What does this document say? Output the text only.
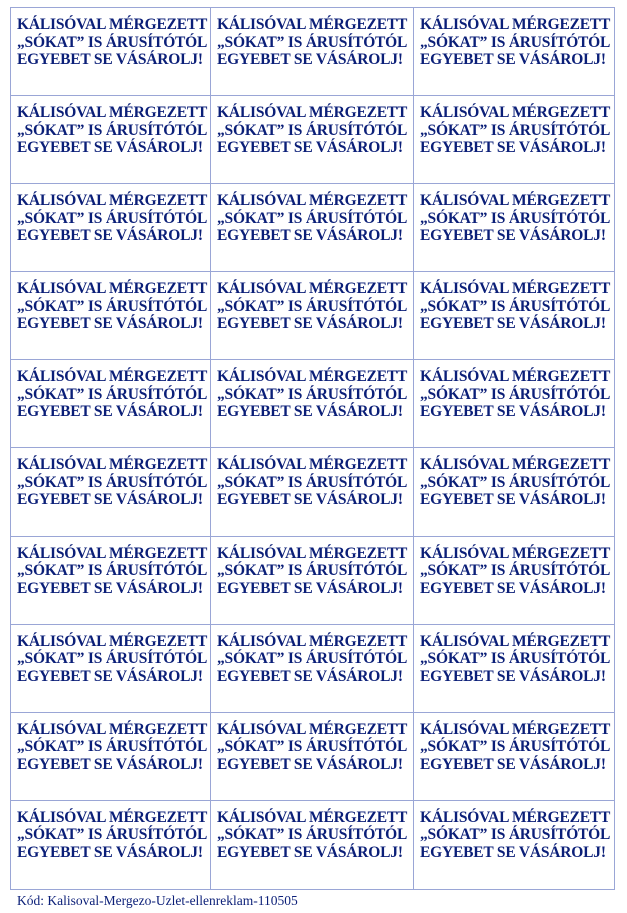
KÁLISÓVAL MÉRGEZETT
„SÓKAT” IS ÁRUSÍTÓTÓL
EGYEBET SE VÁSÁROLJ!
KÁLISÓVAL MÉRGEZETT
„SÓKAT” IS ÁRUSÍTÓTÓL
EGYEBET SE VÁSÁROLJ!
KÁLISÓVAL MÉRGEZETT
„SÓKAT” IS ÁRUSÍTÓTÓL
EGYEBET SE VÁSÁROLJ!
KÁLISÓVAL MÉRGEZETT
„SÓKAT” IS ÁRUSÍTÓTÓL
EGYEBET SE VÁSÁROLJ!
KÁLISÓVAL MÉRGEZETT
„SÓKAT” IS ÁRUSÍTÓTÓL
EGYEBET SE VÁSÁROLJ!
KÁLISÓVAL MÉRGEZETT
„SÓKAT” IS ÁRUSÍTÓTÓL
EGYEBET SE VÁSÁROLJ!
KÁLISÓVAL MÉRGEZETT
„SÓKAT” IS ÁRUSÍTÓTÓL
EGYEBET SE VÁSÁROLJ!
KÁLISÓVAL MÉRGEZETT
„SÓKAT” IS ÁRUSÍTÓTÓL
EGYEBET SE VÁSÁROLJ!
KÁLISÓVAL MÉRGEZETT
„SÓKAT” IS ÁRUSÍTÓTÓL
EGYEBET SE VÁSÁROLJ!
KÁLISÓVAL MÉRGEZETT
„SÓKAT” IS ÁRUSÍTÓTÓL
EGYEBET SE VÁSÁROLJ!
KÁLISÓVAL MÉRGEZETT
„SÓKAT” IS ÁRUSÍTÓTÓL
EGYEBET SE VÁSÁROLJ!
KÁLISÓVAL MÉRGEZETT
„SÓKAT” IS ÁRUSÍTÓTÓL
EGYEBET SE VÁSÁROLJ!
KÁLISÓVAL MÉRGEZETT
„SÓKAT” IS ÁRUSÍTÓTÓL
EGYEBET SE VÁSÁROLJ!
KÁLISÓVAL MÉRGEZETT
„SÓKAT” IS ÁRUSÍTÓTÓL
EGYEBET SE VÁSÁROLJ!
KÁLISÓVAL MÉRGEZETT
„SÓKAT” IS ÁRUSÍTÓTÓL
EGYEBET SE VÁSÁROLJ!
KÁLISÓVAL MÉRGEZETT
„SÓKAT” IS ÁRUSÍTÓTÓL
EGYEBET SE VÁSÁROLJ!
KÁLISÓVAL MÉRGEZETT
„SÓKAT” IS ÁRUSÍTÓTÓL
EGYEBET SE VÁSÁROLJ!
KÁLISÓVAL MÉRGEZETT
„SÓKAT” IS ÁRUSÍTÓTÓL
EGYEBET SE VÁSÁROLJ!
KÁLISÓVAL MÉRGEZETT
„SÓKAT” IS ÁRUSÍTÓTÓL
EGYEBET SE VÁSÁROLJ!
KÁLISÓVAL MÉRGEZETT
„SÓKAT” IS ÁRUSÍTÓTÓL
EGYEBET SE VÁSÁROLJ!
KÁLISÓVAL MÉRGEZETT
„SÓKAT” IS ÁRUSÍTÓTÓL
EGYEBET SE VÁSÁROLJ!
KÁLISÓVAL MÉRGEZETT
„SÓKAT” IS ÁRUSÍTÓTÓL
EGYEBET SE VÁSÁROLJ!
KÁLISÓVAL MÉRGEZETT
„SÓKAT” IS ÁRUSÍTÓTÓL
EGYEBET SE VÁSÁROLJ!
KÁLISÓVAL MÉRGEZETT
„SÓKAT” IS ÁRUSÍTÓTÓL
EGYEBET SE VÁSÁROLJ!
KÁLISÓVAL MÉRGEZETT
„SÓKAT” IS ÁRUSÍTÓTÓL
EGYEBET SE VÁSÁROLJ!
KÁLISÓVAL MÉRGEZETT
„SÓKAT” IS ÁRUSÍTÓTÓL
EGYEBET SE VÁSÁROLJ!
KÁLISÓVAL MÉRGEZETT
„SÓKAT” IS ÁRUSÍTÓTÓL
EGYEBET SE VÁSÁROLJ!
KÁLISÓVAL MÉRGEZETT
„SÓKAT” IS ÁRUSÍTÓTÓL
EGYEBET SE VÁSÁROLJ!
KÁLISÓVAL MÉRGEZETT
„SÓKAT” IS ÁRUSÍTÓTÓL
EGYEBET SE VÁSÁROLJ!
KÁLISÓVAL MÉRGEZETT
„SÓKAT” IS ÁRUSÍTÓTÓL
EGYEBET SE VÁSÁROLJ!
Kód: Kalisoval-Mergezo-Uzlet-ellenreklam-110505
